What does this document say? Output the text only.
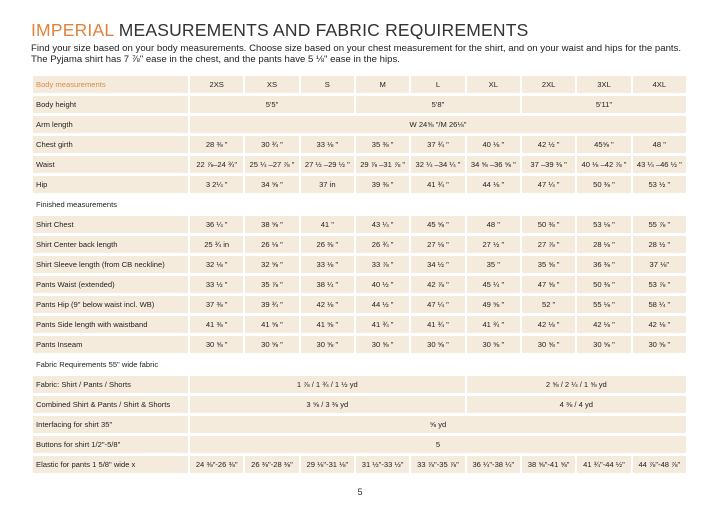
IMPERIAL MEASUREMENTS AND FABRIC REQUIREMENTS
Find your size based on your body measurements. Choose size based on your chest measurement for the shirt, and on your waist and hips for the pants. The Pyjama shirt has 7 ⅞" ease in the chest, and the pants have 5 ⅛" ease in the hips.
Body measurements	2XS	XS	S	M	L	XL	2XL	3XL	4XL
Body height	5'5"			5'8"			5'11"		
Arm length	W 24⅝ "/M 26⅛"								
Chest girth	28 ⅜ "	30 ¾ "	33 ⅛ "	35 ⅜ "	37 ¾ "	40 ⅛ "	42 ½ "	45⅝ "	48 "
Waist	22 ⅞–24 ¾"	25 ¼ –27 ⅞ "	27 ½ –29 ½ "	29 ⅞ –31 ⅞ "	32 ¼ –34 ¼ "	34 ⅝ –36 ⅝ "	37 –39 ⅜ "	40 ⅛ –42 ⅞ "	43 ¼ –46 ½ "
Hip	3 2¼ "	34 ⅝ "	37 in	39 ⅜ "	41 ¾ "	44 ⅛ "	47 ¼ "	50 ⅜ "	53 ½ "
Finished measurements									
Shirt Chest	36 ¼ "	38 ⅝ "	41 "	43 ¼ "	45 ⅝ "	48 "	50 ⅜ "	53 ⅛ "	55 ⅞ "
Shirt Center back length	25 ¾ in	26 ⅛ "	26 ⅜ "	26 ¾ "	27 ⅛ "	27 ½ "	27 ⅞ "	28 ⅛ "	28 ½ "
Shirt Sleeve length (from CB neckline)	32 ⅛ "	32 ⅝ "	33 ⅛ "	33 ⅞ "	34 ½ "	35 "	35 ⅝ "	36 ⅜ "	37 ⅛"
Pants Waist (extended)	33 ½ "	35 ⅞ "	38 ¼ "	40 ½ "	42 ⅞ "	45 ¼ "	47 ⅝ "	50 ⅜ "	53 ⅞ "
Pants Hip (9" below waist incl. WB)	37 ⅜ "	39 ¾ "	42 ⅛ "	44 ½ "	47 ¼ "	49 ⅝ "	52 "	55 ⅛ "	58 ¼ "
Pants Side length with waistband	41 ⅜ "	41 ⅝ "	41 ⅝ "	41 ¾ "	41 ¾ "	41 ¾ "	42 ⅛ "	42 ⅛ "	42 ⅛ "
Pants Inseam	30 ⅝ "	30 ⅝ "	30 ⅝ "	30 ⅝ "	30 ⅝ "	30 ⅝ "	30 ⅝ "	30 ⅝ "	30 ⅝ "
Fabric Requirements 55" wide fabric									
Fabric: Shirt / Pants / Shorts	1 ⅞ / 1 ¾ / 1 ½ yd					2 ⅝ / 2 ¼ / 1 ⅝ yd			
Combined Shirt & Pants / Shirt & Shorts	3 ⅝ / 3 ⅜ yd					4 ⅜ / 4 yd			
Interfacing for shirt 35"	⅝ yd								
Buttons for shirt 1/2"-5/8"	5								
Elastic for pants 1 5/8" wide x	24 ⅜"-26 ⅜"	26 ⅜"-28 ⅜"	29 ⅛"-31 ⅛"	31 ½"-33 ½"	33 ⅞"-35 ⅞"	36 ¼"-38 ¼"	38 ⅝"-41 ⅝"	41 ¾"-44 ½"	44 ⅞"-48 ⅞"
5
